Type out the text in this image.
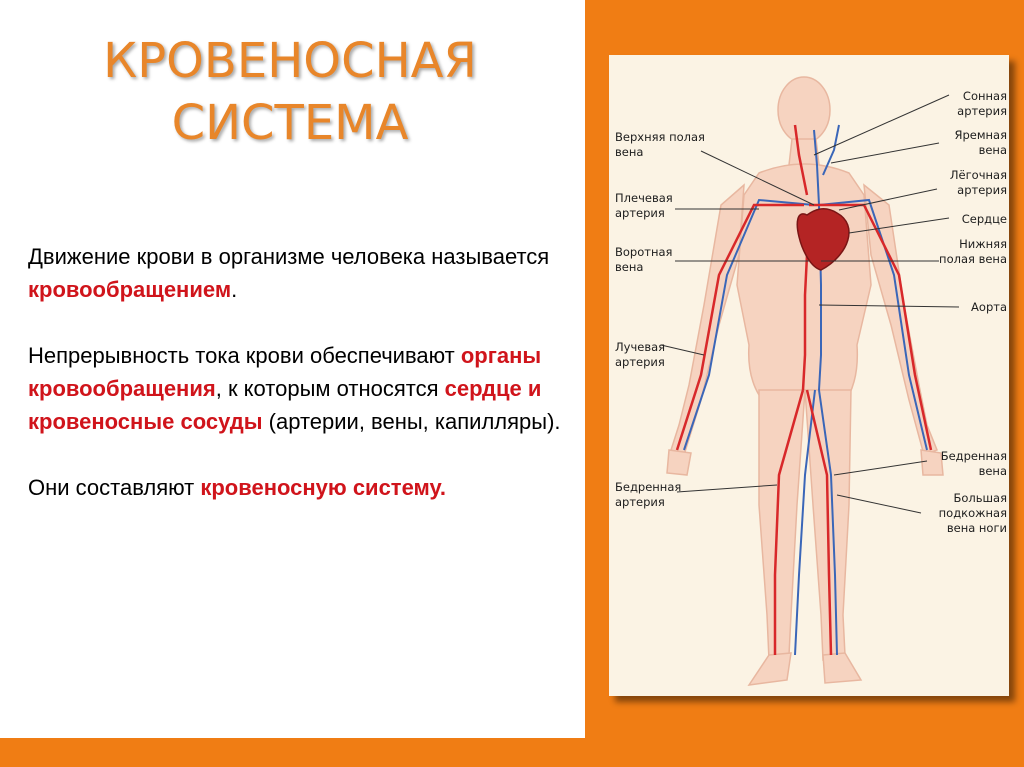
КРОВЕНОСНАЯ СИСТЕМА

Движение крови в организме человека называется кровообращением.

Непрерывность тока крови обеспечивают органы кровообращения, к которым относятся сердце и кровеносные сосуды (артерии, вены, капилляры).

Они составляют кровеносную систему.

Верхняя полая вена
Плечевая артерия
Воротная вена
Лучевая артерия
Бедренная артерия
Сонная артерия
Яремная вена
Лёгочная артерия
Сердце
Нижняя полая вена
Аорта
Бедренная вена
Большая подкожная вена ноги
